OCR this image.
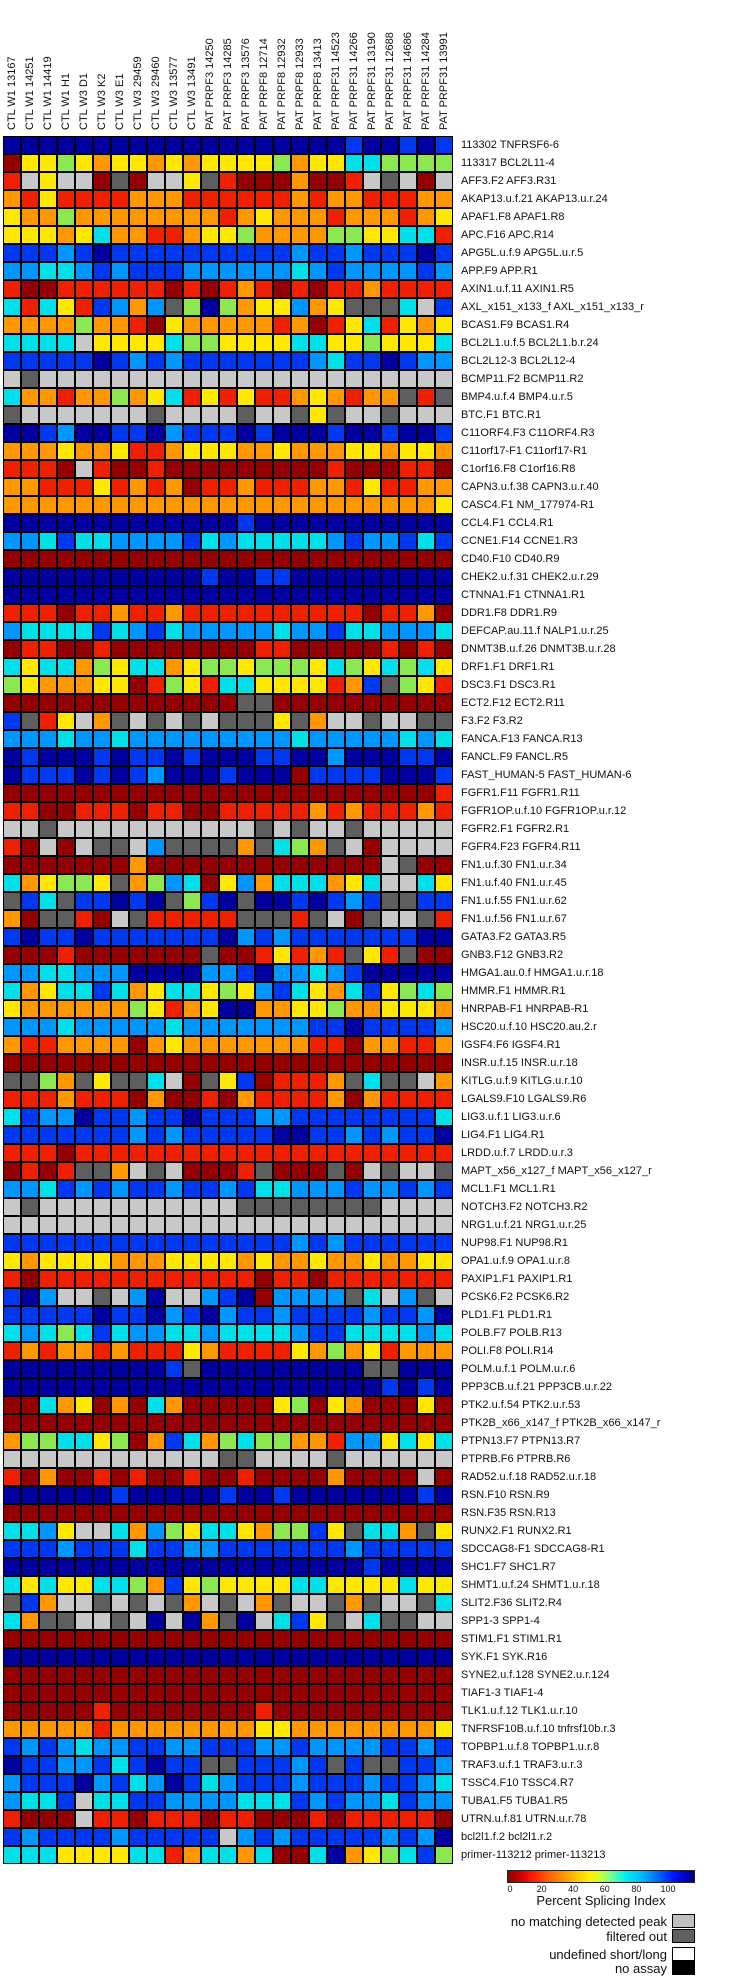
CTL W1 13167 CTL W1 14251 CTL W1 14419 CTL W1 H1 CTL W3 D1 CTL W3 K2 CTL W3 E1 CTL W3 29459 CTL W3 29460 CTL W3 13577 CTL W3 13491 PAT PRPF3 14250 PAT PRPF3 14285 PAT PRPF3 13576 PAT PRPF8 12714 PAT PRPF8 12932 PAT PRPF8 12933 PAT PRPF8 13413 PAT PRPF31 14523 PAT PRPF31 14266 PAT PRPF31 13190 PAT PRPF31 12688 PAT PRPF31 14686 PAT PRPF31 14284 PAT PRPF31 13991
113302 TNFRSF6-6
113317 BCL2L11-4
AFF3.F2 AFF3.R31
AKAP13.u.f.21 AKAP13.u.r.24
APAF1.F8 APAF1.R8
APC.F16 APC.R14
APG5L.u.f.9 APG5L.u.r.5
APP.F9 APP.R1
AXIN1.u.f.11 AXIN1.R5
AXL_x151_x133_f AXL_x151_x133_r
BCAS1.F9 BCAS1.R4
BCL2L1.u.f.5 BCL2L1.b.r.24
BCL2L12-3 BCL2L12-4
BCMP11.F2 BCMP11.R2
BMP4.u.f.4 BMP4.u.r.5
BTC.F1 BTC.R1
C11ORF4.F3 C11ORF4.R3
C11orf17-F1 C11orf17-R1
C1orf16.F8 C1orf16.R8
CAPN3.u.f.38 CAPN3.u.r.40
CASC4.F1 NM_177974-R1
CCL4.F1 CCL4.R1
CCNE1.F14 CCNE1.R3
CD40.F10 CD40.R9
CHEK2.u.f.31 CHEK2.u.r.29
CTNNA1.F1 CTNNA1.R1
DDR1.F8 DDR1.R9
DEFCAP.au.11.f NALP1.u.r.25
DNMT3B.u.f.26 DNMT3B.u.r.28
DRF1.F1 DRF1.R1
DSC3.F1 DSC3.R1
ECT2.F12 ECT2.R11
F3.F2 F3.R2
FANCA.F13 FANCA.R13
FANCL.F9 FANCL.R5
FAST_HUMAN-5 FAST_HUMAN-6
FGFR1.F11 FGFR1.R11
FGFR1OP.u.f.10 FGFR1OP.u.r.12
FGFR2.F1 FGFR2.R1
FGFR4.F23 FGFR4.R11
FN1.u.f.30 FN1.u.r.34
FN1.u.f.40 FN1.u.r.45
FN1.u.f.55 FN1.u.r.62
FN1.u.f.56 FN1.u.r.67
GATA3.F2 GATA3.R5
GNB3.F12 GNB3.R2
HMGA1.au.0.f HMGA1.u.r.18
HMMR.F1 HMMR.R1
HNRPAB-F1 HNRPAB-R1
HSC20.u.f.10 HSC20.au.2.r
IGSF4.F6 IGSF4.R1
INSR.u.f.15 INSR.u.r.18
KITLG.u.f.9 KITLG.u.r.10
LGALS9.F10 LGALS9.R6
LIG3.u.f.1 LIG3.u.r.6
LIG4.F1 LIG4.R1
LRDD.u.f.7 LRDD.u.r.3
MAPT_x56_x127_f MAPT_x56_x127_r
MCL1.F1 MCL1.R1
NOTCH3.F2 NOTCH3.R2
NRG1.u.f.21 NRG1.u.r.25
NUP98.F1 NUP98.R1
OPA1.u.f.9 OPA1.u.r.8
PAXIP1.F1 PAXIP1.R1
PCSK6.F2 PCSK6.R2
PLD1.F1 PLD1.R1
POLB.F7 POLB.R13
POLI.F8 POLI.R14
POLM.u.f.1 POLM.u.r.6
PPP3CB.u.f.21 PPP3CB.u.r.22
PTK2.u.f.54 PTK2.u.r.53
PTK2B_x66_x147_f PTK2B_x66_x147_r
PTPN13.F7 PTPN13.R7
PTPRB.F6 PTPRB.R6
RAD52.u.f.18 RAD52.u.r.18
RSN.F10 RSN.R9
RSN.F35 RSN.R13
RUNX2.F1 RUNX2.R1
SDCCAG8-F1 SDCCAG8-R1
SHC1.F7 SHC1.R7
SHMT1.u.f.24 SHMT1.u.r.18
SLIT2.F36 SLIT2.R4
SPP1-3 SPP1-4
STIM1.F1 STIM1.R1
SYK.F1 SYK.R16
SYNE2.u.f.128 SYNE2.u.r.124
TIAF1-3 TIAF1-4
TLK1.u.f.12 TLK1.u.r.10
TNFRSF10B.u.f.10 tnfrsf10b.r.3
TOPBP1.u.f.8 TOPBP1.u.r.8
TRAF3.u.f.1 TRAF3.u.r.3
TSSC4.F10 TSSC4.R7
TUBA1.F5 TUBA1.R5
UTRN.u.f.81 UTRN.u.r.78
bcl2l1.f.2 bcl2l1.r.2
primer-113212 primer-113213
0	20 40 60 80 100
Percent Splicing Index
no matching detected peak
filtered out
undefined short/long
no assay
